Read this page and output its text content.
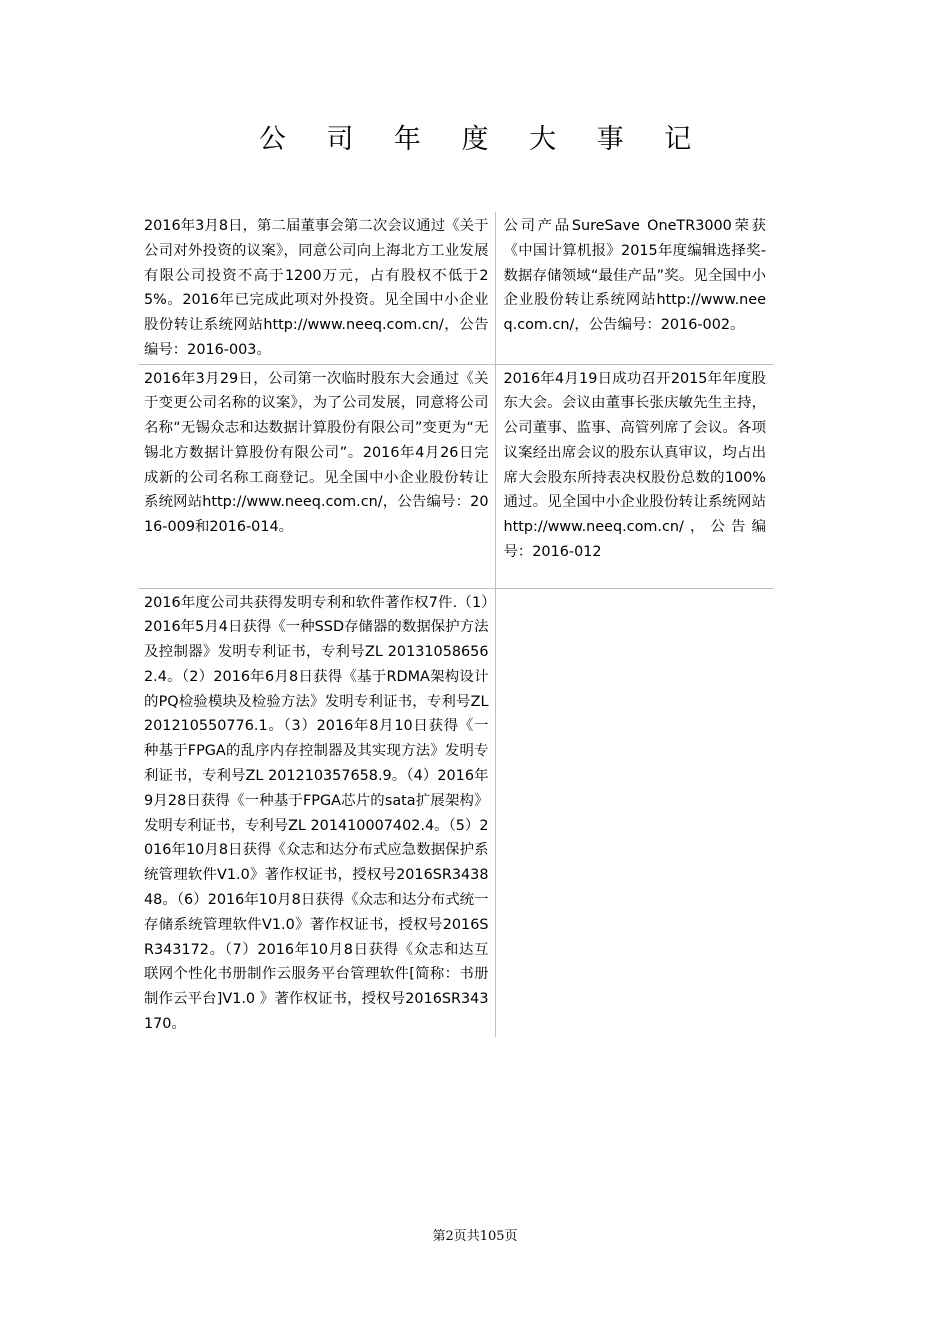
公 司 年 度 大 事 记
2016年3月8日，第二届董事会第二次会议通过《关于公司对外投资的议案》，同意公司向上海北方工业发展有限公司投资不高于1200万元，占有股权不低于25%。2016年已完成此项对外投资。见全国中小企业股份转让系统网站http://www.neeq.com.cn/，公告编号：2016-003。	公司产品SureSave OneTR3000荣获《中国计算机报》2015年度编辑选择奖-数据存储领域“最佳产品”奖。见全国中小企业股份转让系统网站http://www.neeq.com.cn/，公告编号：2016-002。
2016年3月29日，公司第一次临时股东大会通过《关于变更公司名称的议案》，为了公司发展，同意将公司名称“无锡众志和达数据计算股份有限公司”变更为“无锡北方数据计算股份有限公司”。2016年4月26日完成新的公司名称工商登记。见全国中小企业股份转让系统网站http://www.neeq.com.cn/，公告编号：2016-009和2016-014。	2016年4月19日成功召开2015年年度股东大会。会议由董事长张庆敏先生主持，公司董事、监事、高管列席了会议。各项议案经出席会议的股东认真审议，均占出席大会股东所持表决权股份总数的100%通过。见全国中小企业股份转让系统网站http://www.neeq.com.cn/，公告编号：2016-012
2016年度公司共获得发明专利和软件著作权7件.（1）2016年5月4日获得《一种SSD存储器的数据保护方法及控制器》发明专利证书，专利号ZL 201310586562.4。（2）2016年6月8日获得《基于RDMA架构设计的PQ检验模块及检验方法》发明专利证书，专利号ZL 201210550776.1。（3）2016年8月10日获得《一种基于FPGA的乱序内存控制器及其实现方法》发明专利证书，专利号ZL 201210357658.9。（4）2016年9月28日获得《一种基于FPGA芯片的sata扩展架构》发明专利证书，专利号ZL 201410007402.4。（5）2016年10月8日获得《众志和达分布式应急数据保护系统管理软件V1.0》著作权证书，授权号2016SR343848。（6）2016年10月8日获得《众志和达分布式统一存储系统管理软件V1.0》著作权证书，授权号2016SR343172。（7）2016年10月8日获得《众志和达互联网个性化书册制作云服务平台管理软件[简称：书册制作云平台]V1.0 》著作权证书，授权号2016SR343170。	
第2页共105页
